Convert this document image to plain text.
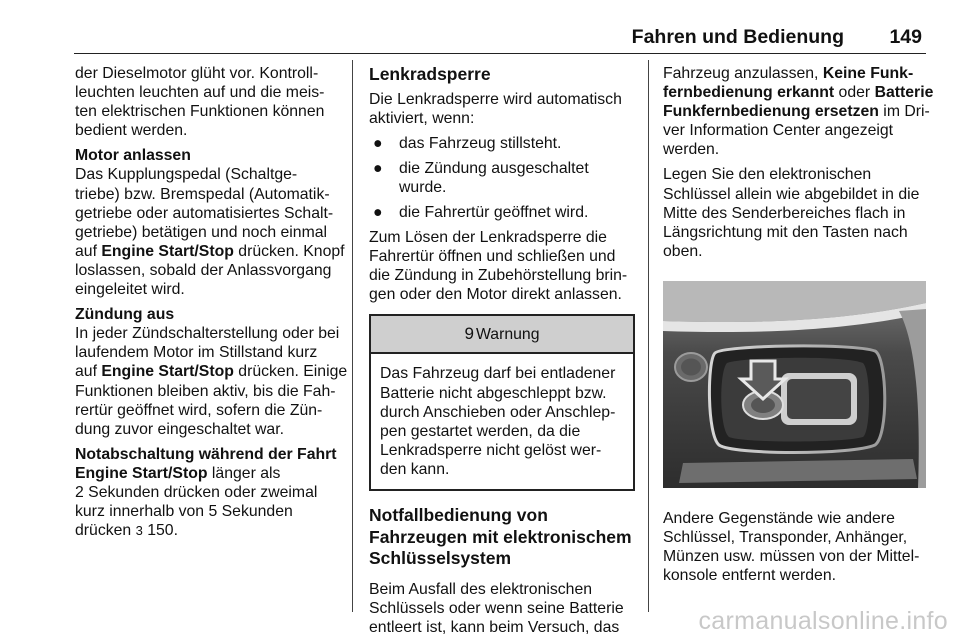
Fahren und Bedienung 149

der Dieselmotor glüht vor. Kontroll-
leuchten leuchten auf und die meis-
ten elektrischen Funktionen können
bedient werden.

Motor anlassen
Das Kupplungspedal (Schaltge-
triebe) bzw. Bremspedal (Automatik-
getriebe oder automatisiertes Schalt-
getriebe) betätigen und noch einmal
auf Engine Start/Stop drücken. Knopf
loslassen, sobald der Anlassvorgang
eingeleitet wird.

Zündung aus
In jeder Zündschalterstellung oder bei
laufendem Motor im Stillstand kurz
auf Engine Start/Stop drücken. Einige
Funktionen bleiben aktiv, bis die Fah-
rertür geöffnet wird, sofern die Zün-
dung zuvor eingeschaltet war.

Notabschaltung während der Fahrt
Engine Start/Stop länger als
2 Sekunden drücken oder zweimal
kurz innerhalb von 5 Sekunden
drücken 3 150.

Lenkradsperre

Die Lenkradsperre wird automatisch
aktiviert, wenn:

● das Fahrzeug stillsteht.
● die Zündung ausgeschaltet
wurde.
● die Fahrertür geöffnet wird.

Zum Lösen der Lenkradsperre die
Fahrertür öffnen und schließen und
die Zündung in Zubehörstellung brin-
gen oder den Motor direkt anlassen.

9 Warnung
Das Fahrzeug darf bei entladener
Batterie nicht abgeschleppt bzw.
durch Anschieben oder Anschlep-
pen gestartet werden, da die
Lenkradsperre nicht gelöst wer-
den kann.
Notfallbedienung von
Fahrzeugen mit elektronischem
Schlüsselsystem

Beim Ausfall des elektronischen
Schlüssels oder wenn seine Batterie
entleert ist, kann beim Versuch, das

Fahrzeug anzulassen, Keine Funk-
fernbedienung erkannt oder Batterie
Funkfernbedienung ersetzen im Dri-
ver Information Center angezeigt
werden.

Legen Sie den elektronischen
Schlüssel allein wie abgebildet in die
Mitte des Senderbereiches flach in
Längsrichtung mit den Tasten nach
oben.

Andere Gegenstände wie andere
Schlüssel, Transponder, Anhänger,
Münzen usw. müssen von der Mittel-
konsole entfernt werden.

carmanualsonline.info
